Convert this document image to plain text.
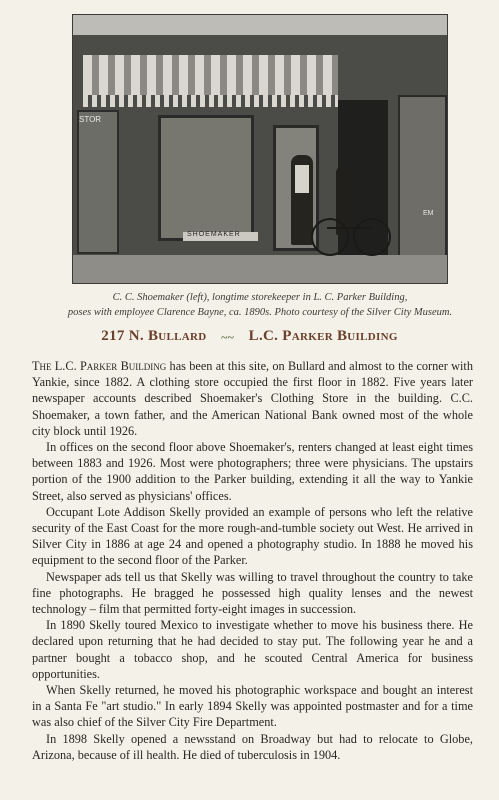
STOR
SHOEMAKER
EM
C. C. Shoemaker (left), longtime storekeeper in L. C. Parker Building,
poses with employee Clarence Bayne, ca. 1890s. Photo courtesy of the Silver City Museum.
217 N. Bullard ~~ L.C. Parker Building

The L.C. Parker Building has been at this site, on Bullard and almost to the corner with Yankie, since 1882. A clothing store occupied the first floor in 1882. Five years later newspaper accounts described Shoemaker's Clothing Store in the building. C.C. Shoemaker, a town father, and the American National Bank owned most of the whole city block until 1926.

In offices on the second floor above Shoemaker's, renters changed at least eight times between 1883 and 1926. Most were photographers; three were physicians. The upstairs portion of the 1900 addition to the Parker building, extending it all the way to Yankie Street, also served as physicians' offices.

Occupant Lote Addison Skelly provided an example of persons who left the relative security of the East Coast for the more rough-and-tumble society out West. He arrived in Silver City in 1886 at age 24 and opened a photography studio. In 1888 he moved his equipment to the second floor of the Parker.

Newspaper ads tell us that Skelly was willing to travel throughout the country to take fine photographs. He bragged he possessed high quality lenses and the newest technology – film that permitted forty-eight images in succession.

In 1890 Skelly toured Mexico to investigate whether to move his business there. He declared upon returning that he had decided to stay put. The following year he and a partner bought a tobacco shop, and he scouted Central America for business opportunities.

When Skelly returned, he moved his photographic workspace and bought an interest in a Santa Fe "art studio." In early 1894 Skelly was appointed postmaster and for a time was also chief of the Silver City Fire Department.

In 1898 Skelly opened a newsstand on Broadway but had to relocate to Globe, Arizona, because of ill health. He died of tuberculosis in 1904.
